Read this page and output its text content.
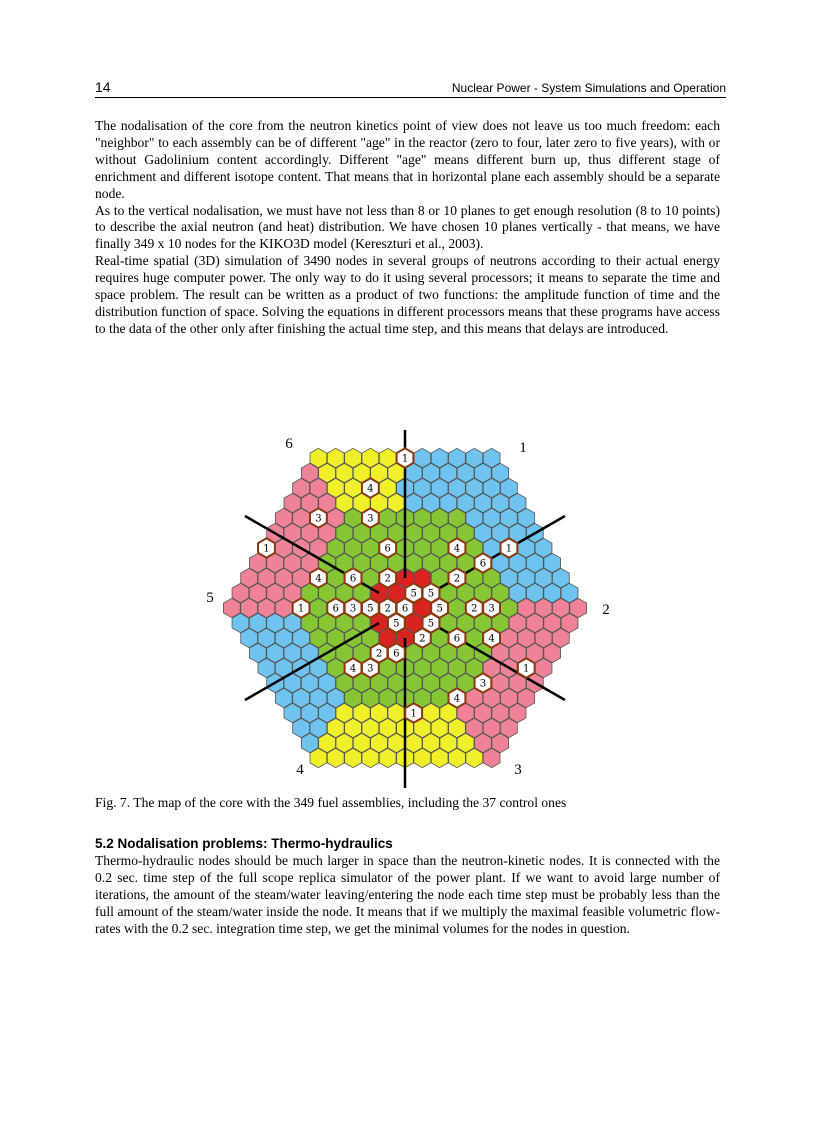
14	Nuclear Power - System Simulations and Operation

The nodalisation of the core from the neutron kinetics point of view does not leave us too much freedom: each "neighbor" to each assembly can be of different "age" in the reactor (zero to four, later zero to five years), with or without Gadolinium content accordingly. Different "age" means different burn up, thus different stage of enrichment and different isotope content. That means that in horizontal plane each assembly should be a separate node.

As to the vertical nodalisation, we must have not less than 8 or 10 planes to get enough resolution (8 to 10 points) to describe the axial neutron (and heat) distribution. We have chosen 10 planes vertically - that means, we have finally 349 x 10 nodes for the KIKO3D model (Kereszturi et al., 2003).

Real-time spatial (3D) simulation of 3490 nodes in several groups of neutrons according to their actual energy requires huge computer power. The only way to do it using several processors; it means to separate the time and space problem. The result can be written as a product of two functions: the amplitude function of time and the distribution function of space. Solving the equations in different processors means that these programs have access to the data of the other only after finishing the actual time step, and this means that delays are introduced.

1
4
3
1
3
6
2
6
4
4
2
5
5
2
3
1
6
5
6
5
6
1	3
2
5
5
2
4
4
6
2
6
3	1
3
4
1
1
2
3
4
5
6
Fig. 7. The map of the core with the 349 fuel assemblies, including the 37 control ones
5.2 Nodalisation problems: Thermo-hydraulics

Thermo-hydraulic nodes should be much larger in space than the neutron-kinetic nodes. It is connected with the 0.2 sec. time step of the full scope replica simulator of the power plant. If we want to avoid large number of iterations, the amount of the steam/water leaving/entering the node each time step must be probably less than the full amount of the steam/water inside the node. It means that if we multiply the maximal feasible volumetric flow-rates with the 0.2 sec. integration time step, we get the minimal volumes for the nodes in question.
